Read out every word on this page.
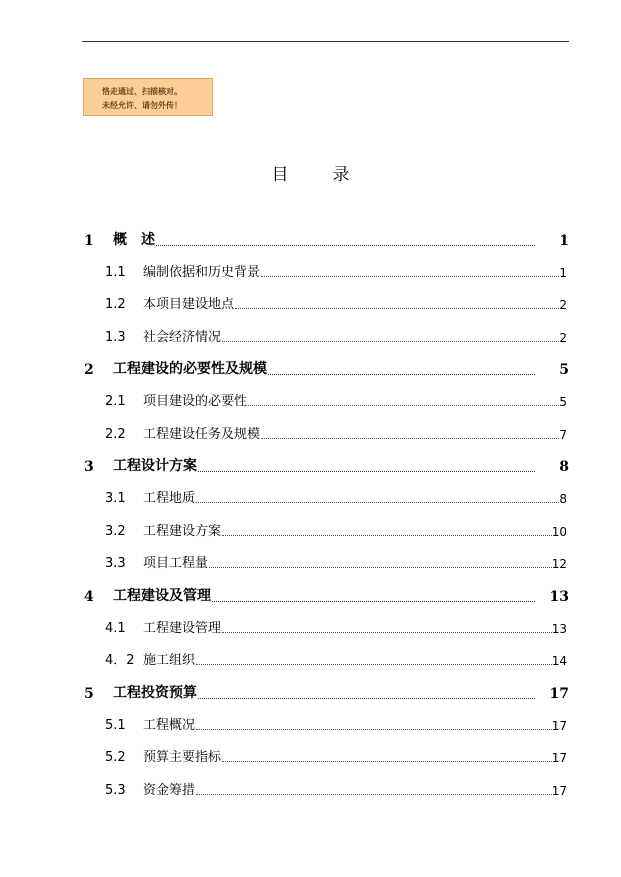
恪走通过、扫描核对。
未经允许、请勿外传！
目录
1	概　述	1
1.1	编制依据和历史背景	1
1.2	本项目建设地点	2
1.3	社会经济情况	2
2	工程建设的必要性及规模	5
2.1	项目建设的必要性	5
2.2	工程建设任务及规模	7
3	工程设计方案	8
3.1	工程地质	8
3.2	工程建设方案	10
3.3	项目工程量	12
4	工程建设及管理	13
4.1	工程建设管理	13
4．2 施工组织	14
5	工程投资预算	17
5.1	工程概况	17
5.2	预算主要指标	17
5.3	资金筹措	17
